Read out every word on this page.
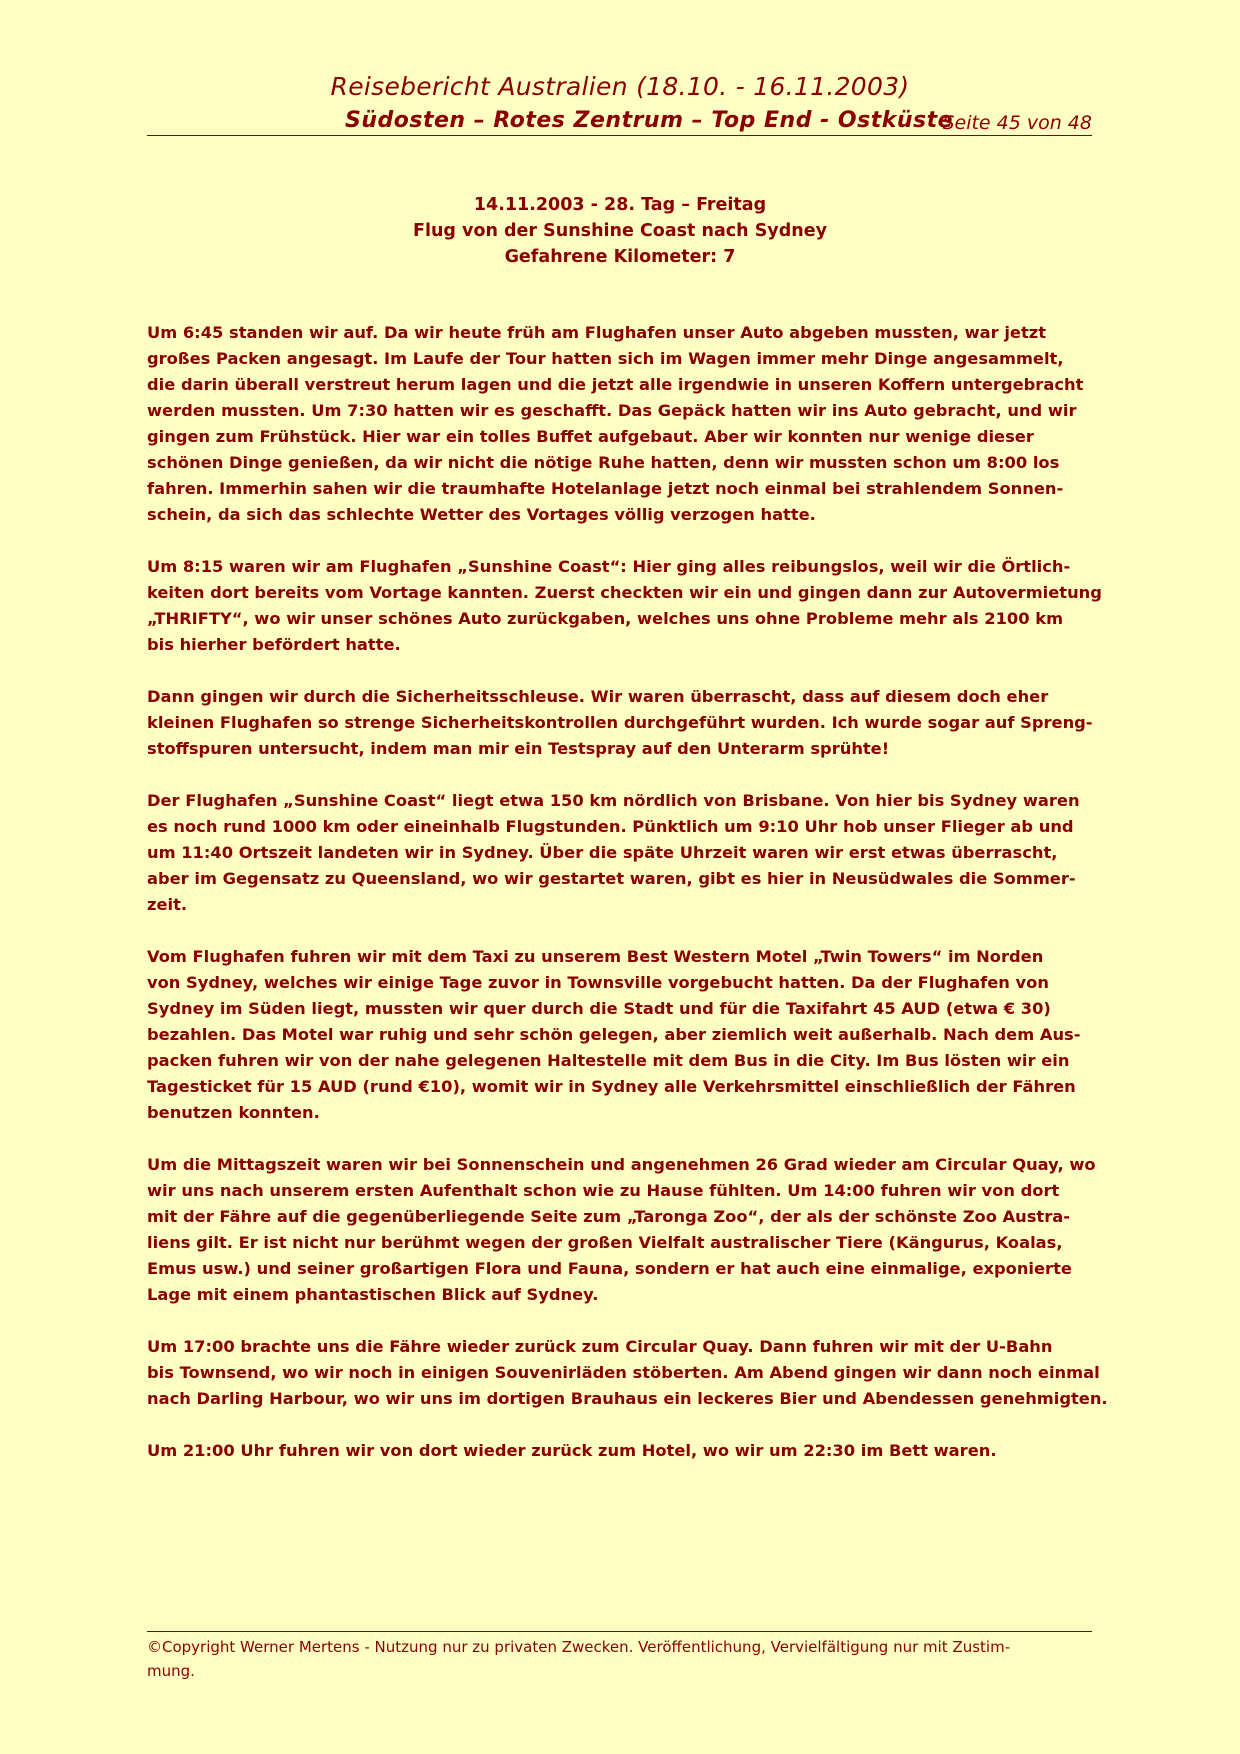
Reisebericht Australien (18.10. - 16.11.2003)
Südosten – Rotes Zentrum – Top End - Ostküste
Seite 45 von 48
14.11.2003 - 28. Tag – Freitag
Flug von der Sunshine Coast nach Sydney
Gefahrene Kilometer: 7

Um 6:45 standen wir auf. Da wir heute früh am Flughafen unser Auto abgeben mussten, war jetzt
großes Packen angesagt. Im Laufe der Tour hatten sich im Wagen immer mehr Dinge angesammelt,
die darin überall verstreut herum lagen und die jetzt alle irgendwie in unseren Koffern untergebracht
werden mussten. Um 7:30 hatten wir es geschafft. Das Gepäck hatten wir ins Auto gebracht, und wir
gingen zum Frühstück. Hier war ein tolles Buffet aufgebaut. Aber wir konnten nur wenige dieser
schönen Dinge genießen, da wir nicht die nötige Ruhe hatten, denn wir mussten schon um 8:00 los
fahren. Immerhin sahen wir die traumhafte Hotelanlage jetzt noch einmal bei strahlendem Sonnen-
schein, da sich das schlechte Wetter des Vortages völlig verzogen hatte.

Um 8:15 waren wir am Flughafen „Sunshine Coast“: Hier ging alles reibungslos, weil wir die Örtlich-
keiten dort bereits vom Vortage kannten. Zuerst checkten wir ein und gingen dann zur Autovermietung
„THRIFTY“, wo wir unser schönes Auto zurückgaben, welches uns ohne Probleme mehr als 2100 km
bis hierher befördert hatte.

Dann gingen wir durch die Sicherheitsschleuse. Wir waren überrascht, dass auf diesem doch eher
kleinen Flughafen so strenge Sicherheitskontrollen durchgeführt wurden. Ich wurde sogar auf Spreng-
stoffspuren untersucht, indem man mir ein Testspray auf den Unterarm sprühte!

Der Flughafen „Sunshine Coast“ liegt etwa 150 km nördlich von Brisbane. Von hier bis Sydney waren
es noch rund 1000 km oder eineinhalb Flugstunden. Pünktlich um 9:10 Uhr hob unser Flieger ab und
um 11:40 Ortszeit landeten wir in Sydney. Über die späte Uhrzeit waren wir erst etwas überrascht,
aber im Gegensatz zu Queensland, wo wir gestartet waren, gibt es hier in Neusüdwales die Sommer-
zeit.

Vom Flughafen fuhren wir mit dem Taxi zu unserem Best Western Motel „Twin Towers“ im Norden
von Sydney, welches wir einige Tage zuvor in Townsville vorgebucht hatten. Da der Flughafen von
Sydney im Süden liegt, mussten wir quer durch die Stadt und für die Taxifahrt 45 AUD (etwa € 30)
bezahlen. Das Motel war ruhig und sehr schön gelegen, aber ziemlich weit außerhalb. Nach dem Aus-
packen fuhren wir von der nahe gelegenen Haltestelle mit dem Bus in die City. Im Bus lösten wir ein
Tagesticket für 15 AUD (rund €10), womit wir in Sydney alle Verkehrsmittel einschließlich der Fähren
benutzen konnten.

Um die Mittagszeit waren wir bei Sonnenschein und angenehmen 26 Grad wieder am Circular Quay, wo
wir uns nach unserem ersten Aufenthalt schon wie zu Hause fühlten. Um 14:00 fuhren wir von dort
mit der Fähre auf die gegenüberliegende Seite zum „Taronga Zoo“, der als der schönste Zoo Austra-
liens gilt. Er ist nicht nur berühmt wegen der großen Vielfalt australischer Tiere (Kängurus, Koalas,
Emus usw.) und seiner großartigen Flora und Fauna, sondern er hat auch eine einmalige, exponierte
Lage mit einem phantastischen Blick auf Sydney.

Um 17:00 brachte uns die Fähre wieder zurück zum Circular Quay. Dann fuhren wir mit der U-Bahn
bis Townsend, wo wir noch in einigen Souvenirläden stöberten. Am Abend gingen wir dann noch einmal
nach Darling Harbour, wo wir uns im dortigen Brauhaus ein leckeres Bier und Abendessen genehmigten.

Um 21:00 Uhr fuhren wir von dort wieder zurück zum Hotel, wo wir um 22:30 im Bett waren.

©Copyright Werner Mertens - Nutzung nur zu privaten Zwecken. Veröffentlichung, Vervielfältigung nur mit Zustim-
mung.
